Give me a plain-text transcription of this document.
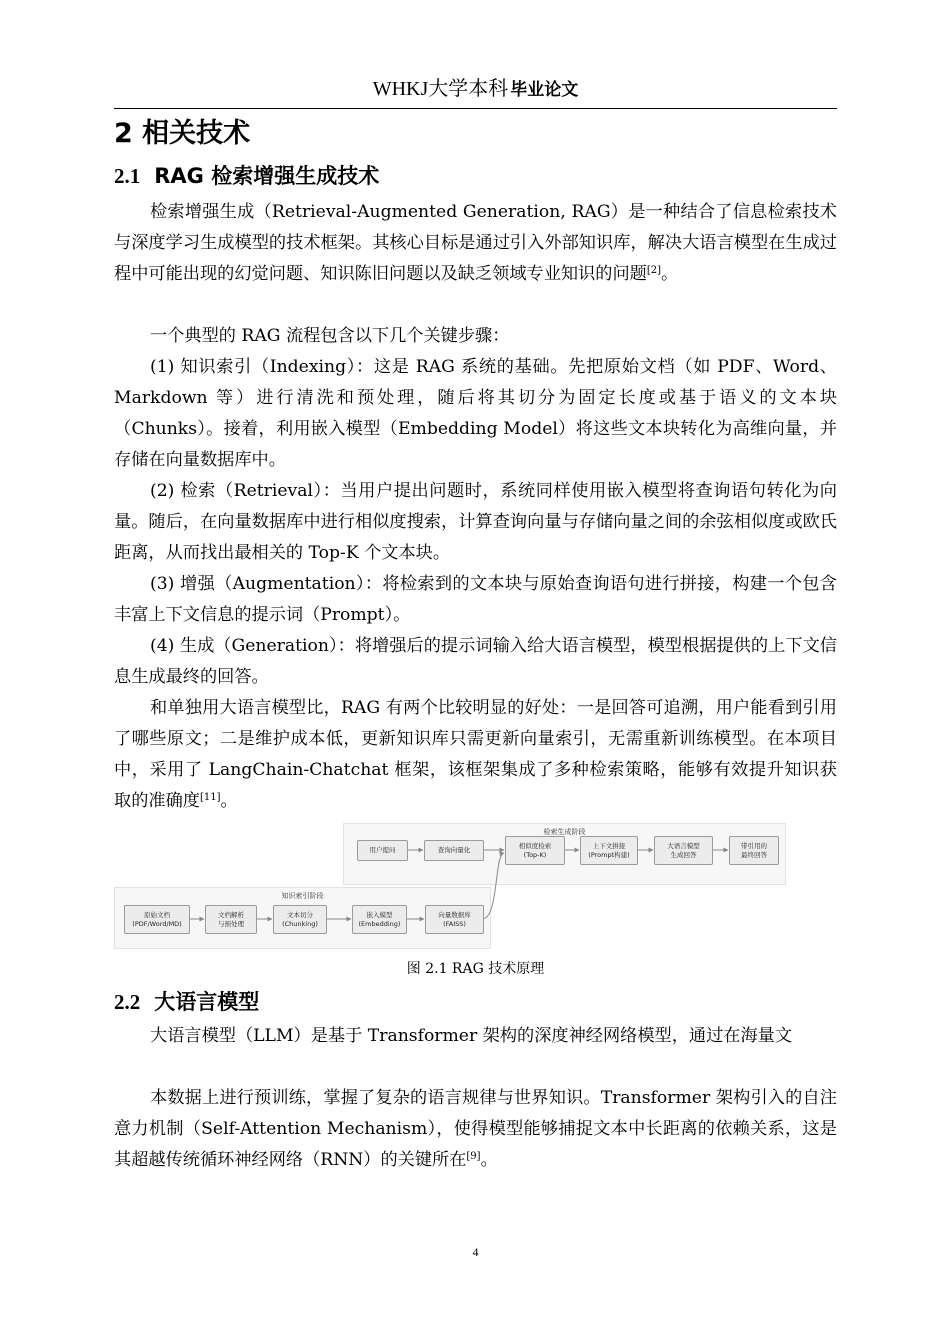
WHKJ大学本科 毕业论文
2 相关技术
2.1 RAG 检索增强生成技术

检索增强生成（Retrieval-Augmented Generation, RAG）是一种结合了信息检索技术与深度学习生成模型的技术框架。其核心目标是通过引入外部知识库，解决大语言模型在生成过程中可能出现的幻觉问题、知识陈旧问题以及缺乏领域专业知识的问题[2]。

一个典型的 RAG 流程包含以下几个关键步骤：

(1) 知识索引（Indexing）：这是 RAG 系统的基础。先把原始文档（如 PDF、Word、Markdown 等）进行清洗和预处理，随后将其切分为固定长度或基于语义的文本块（Chunks）。接着，利用嵌入模型（Embedding Model）将这些文本块转化为高维向量，并存储在向量数据库中。

(2) 检索（Retrieval）：当用户提出问题时，系统同样使用嵌入模型将查询语句转化为向量。随后，在向量数据库中进行相似度搜索，计算查询向量与存储向量之间的余弦相似度或欧氏距离，从而找出最相关的 Top-K 个文本块。

(3) 增强（Augmentation）：将检索到的文本块与原始查询语句进行拼接，构建一个包含丰富上下文信息的提示词（Prompt）。

(4) 生成（Generation）：将增强后的提示词输入给大语言模型，模型根据提供的上下文信息生成最终的回答。

和单独用大语言模型比，RAG 有两个比较明显的好处：一是回答可追溯，用户能看到引用了哪些原文；二是维护成本低，更新知识库只需更新向量索引，无需重新训练模型。在本项目中，采用了 LangChain-Chatchat 框架，该框架集成了多种检索策略，能够有效提升知识获取的准确度[11]。

检索生成阶段
知识索引阶段
用户提问	查询向量化
相似度检索
(Top-K)
上下文拼接
(Prompt构建)
大语言模型
生成回答
带引用的
最终回答
原始文档
(PDF/Word/MD)
文档解析
与预处理
文本切分
(Chunking)
嵌入模型
(Embedding)
向量数据库
(FAISS)
图 2.1 RAG 技术原理
2.2 大语言模型

大语言模型（LLM）是基于 Transformer 架构的深度神经网络模型，通过在海量文

本数据上进行预训练，掌握了复杂的语言规律与世界知识。Transformer 架构引入的自注意力机制（Self-Attention Mechanism），使得模型能够捕捉文本中长距离的依赖关系，这是其超越传统循环神经网络（RNN）的关键所在[9]。

4
